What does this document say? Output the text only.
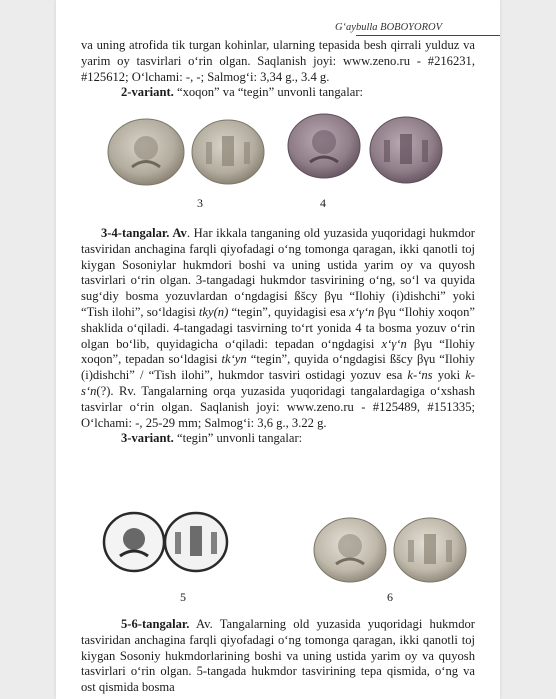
G‘aybulla BOBOYOROV

va uning atrofida tik turgan kohinlar, ularning tepasida besh qirrali yulduz va yarim oy tasvirlari o‘rin olgan. Saqlanish joyi: www.zeno.ru - #216231, #125612; O‘lchami: -, -; Salmog‘i: 3,34 g., 3.4 g.

2-variant. “xoqon” va “tegin” unvonli tangalar:

3	4

3-4-tangalar. Av. Har ikkala tanganing old yuzasida yuqoridagi hukmdor tasviridan anchagina farqli qiyofadagi o‘ng tomonga qaragan, ikki qanotli toj kiygan Sosoniylar hukmdori boshi va uning ustida yarim oy va quyosh tasvirlari o‘rin olgan. 3-tangadagi hukmdor tasvirining o‘ng, so‘l va quyida sug‘diy bosma yozuvlardan o‘ngdagisi ßšcy βγu “Ilohiy (i)dishchi” yoki “Tish ilohi”, so‘ldagisi tky(n) “tegin”, quyidagisi esa x‘γ‘n βγu “Ilohiy xoqon” shaklida o‘qiladi. 4-tangadagi tasvirning to‘rt yonida 4 ta bosma yozuv o‘rin olgan bo‘lib, quyidagicha o‘qiladi: tepadan o‘ngdagisi x‘γ‘n βγu “Ilohiy xoqon”, tepadan so‘ldagisi tk‘yn “tegin”, quyida o‘ngdagisi ßšcy βγu “Ilohiy (i)dishchi” / “Tish ilohi”, hukmdor tasviri ostidagi yozuv esa k-‘ns yoki k-s‘n(?). Rv. Tangalarning orqa yuzasida yuqoridagi tangalardagiga o‘xshash tasvirlar o‘rin olgan. Saqlanish joyi: www.zeno.ru - #125489, #151335; O‘lchami: -, 25-29 mm; Salmog‘i: 3,6 g., 3.22 g.

3-variant. “tegin” unvonli tangalar:

5	6

5-6-tangalar. Av. Tangalarning old yuzasida yuqoridagi hukmdor tasviridan anchagina farqli qiyofadagi o‘ng tomonga qaragan, ikki qanotli toj kiygan Sosoniy hukmdorlarining boshi va uning ustida yarim oy va quyosh tasvirlari o‘rin olgan. 5-tangada hukmdor tasvirining tepa qismida, o‘ng va ost qismida bosma
